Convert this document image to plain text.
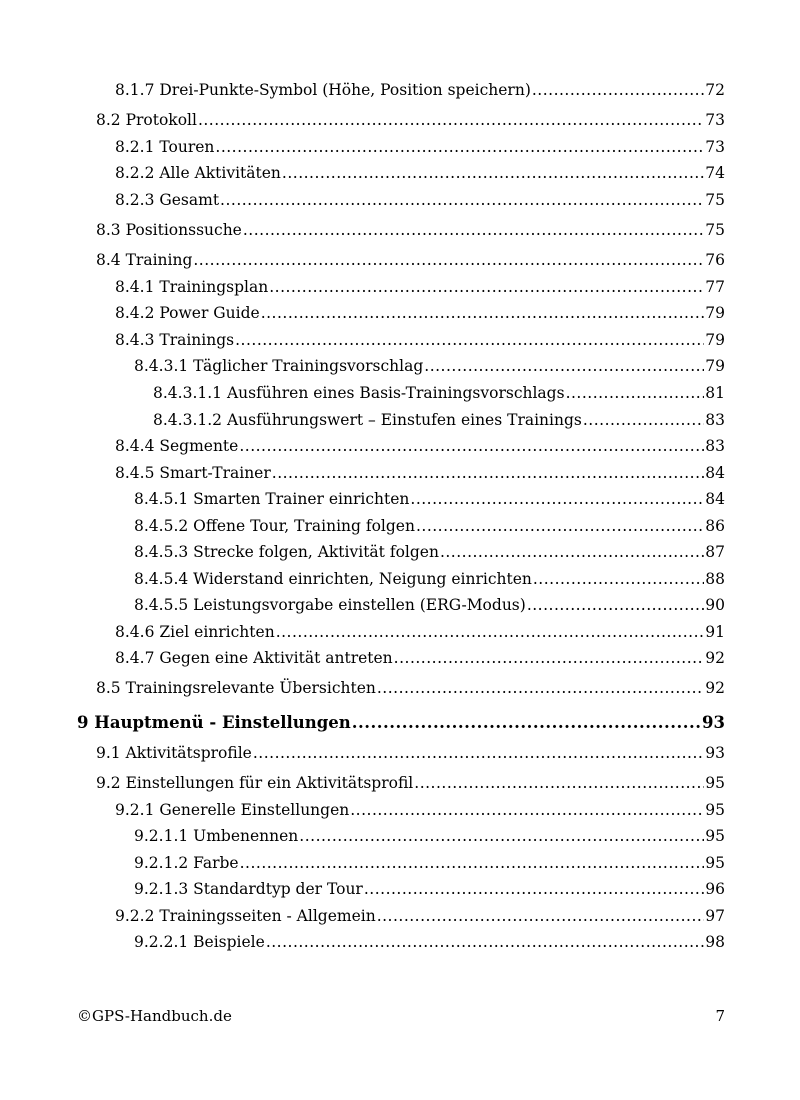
8.1.7 Drei-Punkte-Symbol (Höhe, Position speichern) .....	72
8.2 Protokoll .....	73
8.2.1 Touren .....	73
8.2.2 Alle Aktivitäten .....	74
8.2.3 Gesamt .....	75
8.3 Positionssuche .....	75
8.4 Training .....	76
8.4.1 Trainingsplan .....	77
8.4.2 Power Guide .....	79
8.4.3 Trainings .....	79
8.4.3.1 Täglicher Trainingsvorschlag .....	79
8.4.3.1.1 Ausführen eines Basis-Trainingsvorschlags .....	81
8.4.3.1.2 Ausführungswert – Einstufen eines Trainings .....	83
8.4.4 Segmente .....	83
8.4.5 Smart-Trainer .....	84
8.4.5.1 Smarten Trainer einrichten .....	84
8.4.5.2 Offene Tour, Training folgen .....	86
8.4.5.3 Strecke folgen, Aktivität folgen .....	87
8.4.5.4 Widerstand einrichten, Neigung einrichten .....	88
8.4.5.5 Leistungsvorgabe einstellen (ERG-Modus) .....	90
8.4.6 Ziel einrichten .....	91
8.4.7 Gegen eine Aktivität antreten .....	92
8.5 Trainingsrelevante Übersichten .....	92
9 Hauptmenü - Einstellungen .....	93
9.1 Aktivitätsprofile .....	93
9.2 Einstellungen für ein Aktivitätsprofil .....	95
9.2.1 Generelle Einstellungen .....	95
9.2.1.1 Umbenennen .....	95
9.2.1.2 Farbe .....	95
9.2.1.3 Standardtyp der Tour .....	96
9.2.2 Trainingsseiten - Allgemein .....	97
9.2.2.1 Beispiele .....	98
©GPS-Handbuch.de	7
